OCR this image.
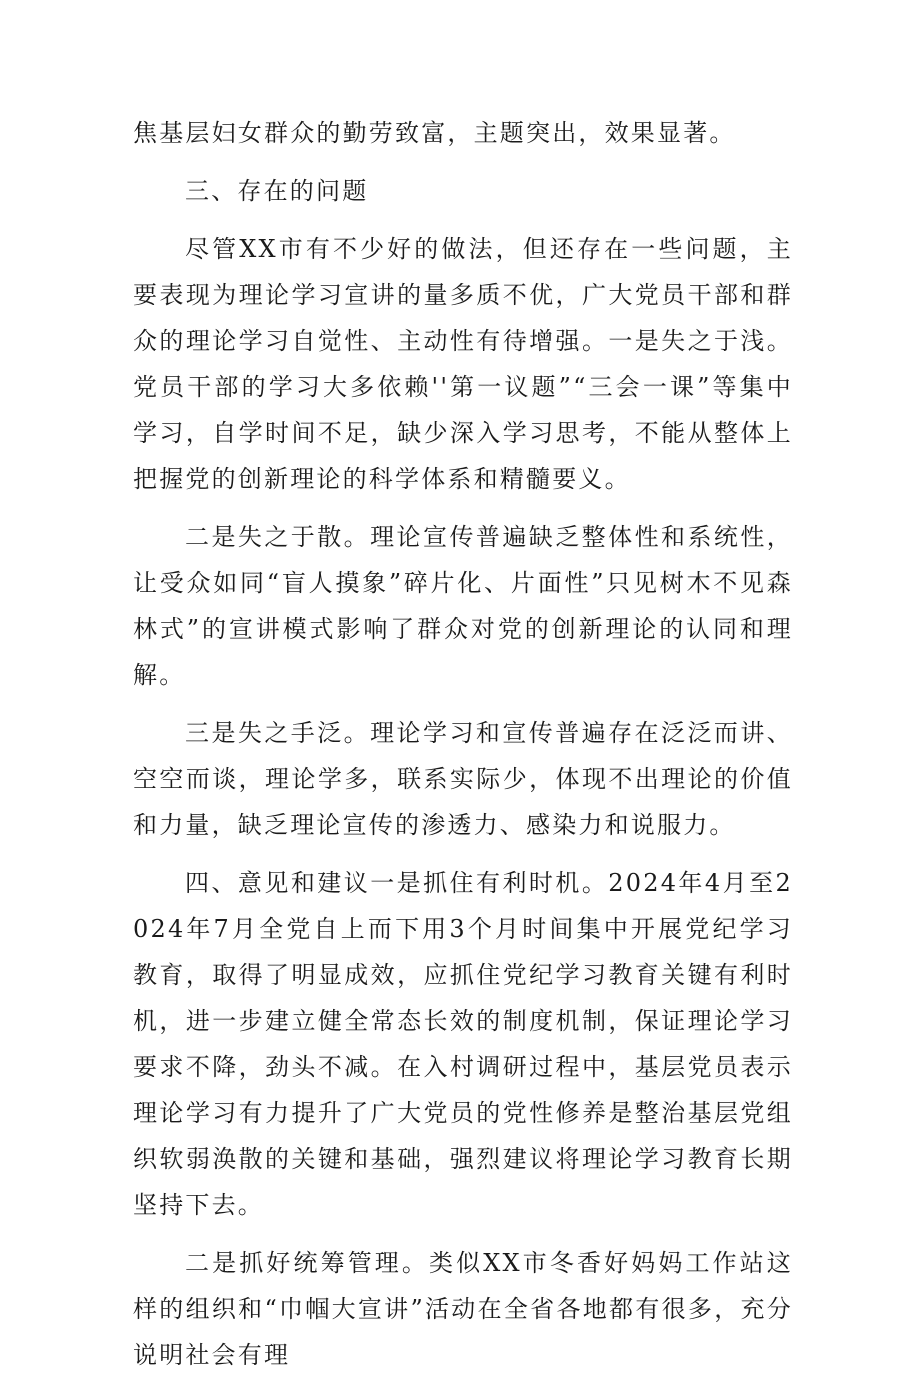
焦基层妇女群众的勤劳致富，主题突出，效果显著。

三、存在的问题

尽管XX市有不少好的做法，但还存在一些问题，主要表现为理论学习宣讲的量多质不优，广大党员干部和群众的理论学习自觉性、主动性有待增强。一是失之于浅。党员干部的学习大多依赖''第一议题”“三会一课”等集中学习，自学时间不足，缺少深入学习思考，不能从整体上把握党的创新理论的科学体系和精髓要义。

二是失之于散。理论宣传普遍缺乏整体性和系统性，让受众如同“盲人摸象”碎片化、片面性”只见树木不见森林式”的宣讲模式影响了群众对党的创新理论的认同和理解。

三是失之手泛。理论学习和宣传普遍存在泛泛而讲、空空而谈，理论学多，联系实际少，体现不出理论的价值和力量，缺乏理论宣传的渗透力、感染力和说服力。

四、意见和建议一是抓住有利时机。2024年4月至2024年7月全党自上而下用3个月时间集中开展党纪学习教育，取得了明显成效，应抓住党纪学习教育关键有利时机，进一步建立健全常态长效的制度机制，保证理论学习要求不降，劲头不减。在入村调研过程中，基层党员表示理论学习有力提升了广大党员的党性修养是整治基层党组织软弱涣散的关键和基础，强烈建议将理论学习教育长期坚持下去。

二是抓好统筹管理。类似XX市冬香好妈妈工作站这样的组织和“巾帼大宣讲”活动在全省各地都有很多，充分说明社会有理
